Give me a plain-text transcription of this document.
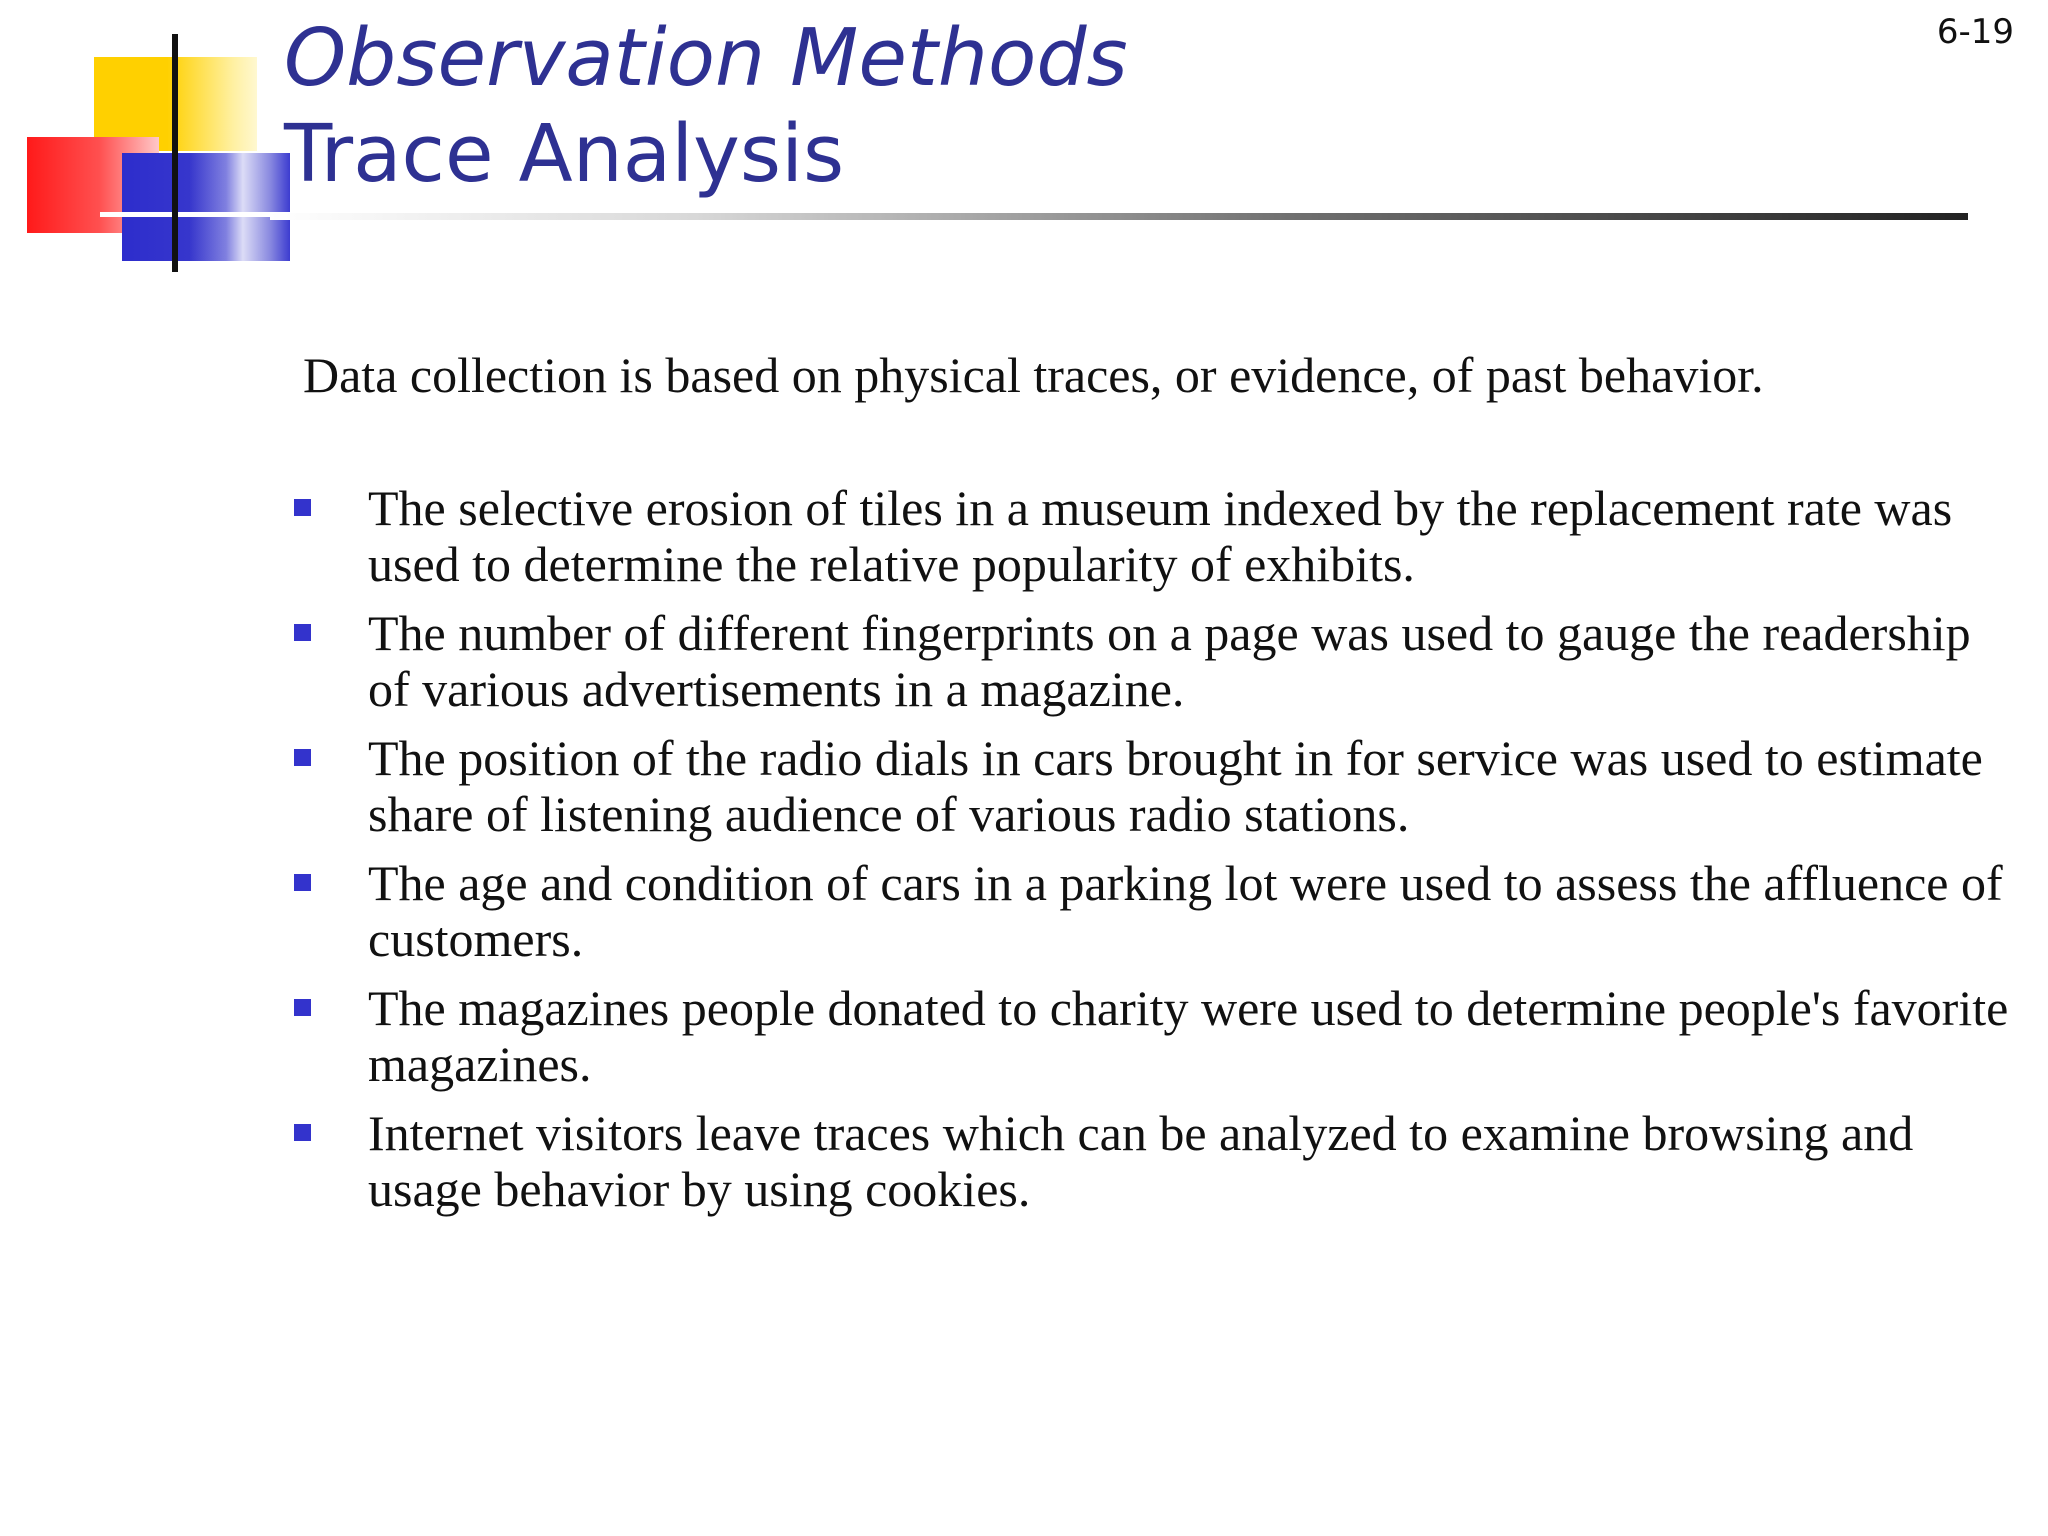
Observation Methods
Trace Analysis
6-19

Data collection is based on physical traces, or evidence, of past behavior.

The selective erosion of tiles in a museum indexed by the replacement rate was used to determine the relative popularity of exhibits.
The number of different fingerprints on a page was used to gauge the readership of various advertisements in a magazine.
The position of the radio dials in cars brought in for service was used to estimate share of listening audience of various radio stations.
The age and condition of cars in a parking lot were used to assess the affluence of customers.
The magazines people donated to charity were used to determine people's favorite magazines.
Internet visitors leave traces which can be analyzed to examine browsing and usage behavior by using cookies.
